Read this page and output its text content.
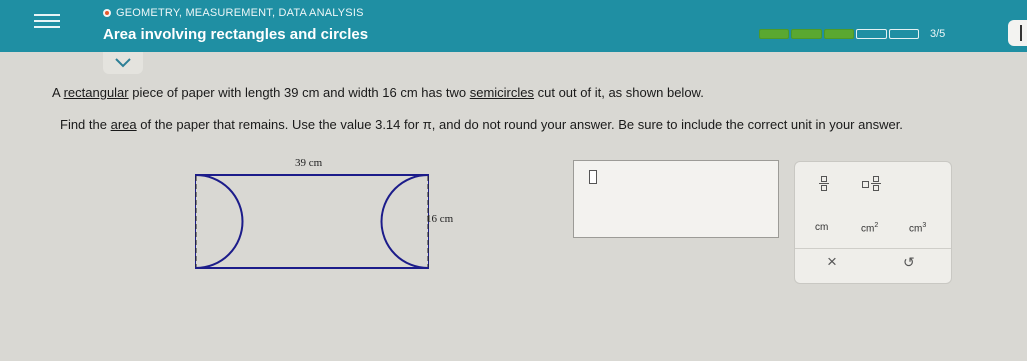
GEOMETRY, MEASUREMENT, DATA ANALYSIS
Area involving rectangles and circles	3/5
A rectangular piece of paper with length 39 cm and width 16 cm has two semicircles cut out of it, as shown below.
Find the area of the paper that remains. Use the value 3.14 for π, and do not round your answer. Be sure to include the correct unit in your answer.
39 cm
16 cm
cm	$cm^2$	$cm^3$
×	↺
